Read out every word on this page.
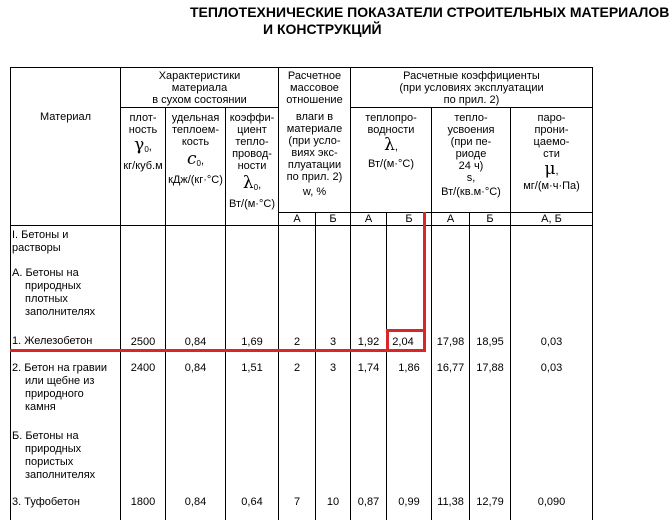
ТЕПЛОТЕХНИЧЕСКИЕ ПОКАЗАТЕЛИ СТРОИТЕЛЬНЫХ МАТЕРИАЛОВ
И КОНСТРУКЦИЙ
Материал
Характеристики
материала
в сухом состоянии
плот-
ность
$\gamma_0$,
кг/куб.м
удельная
теплоем-
кость
$c_0$,
кДж/(кг·°С)
коэффи-
циент
тепло-
провод-
ности
$\lambda_0$,
Вт/(м·°С)
Расчетное
массовое
отношение
влаги в
материале
(при усло-
виях экс-
плуатации
по прил. 2)
w, %
Расчетные коэффициенты
(при условиях эксплуатации
по прил. 2)
теплопро-
водности
λ,
Вт/(м·°С)
тепло-
усвоения
(при пе-
риоде
24 ч)
s,
Вт/(кв.м·°С)
паро-
прони-
цаемо-
сти
μ,
мг/(м·ч·Па)
А	Б	А	Б	А	Б	А, Б
I. Бетоны и
растворы
А. Бетоны на
природных
плотных
заполнителях
Б. Бетоны на
природных
пористых
заполнителях
1. Железобетон	2500	0,84	1,69	2	3	1,92	2,04	17,98	18,95	0,03
2. Бетон на гравии
или щебне из
природного
камня
2400	0,84	1,51	2	3	1,74	1,86	16,77	17,88	0,03
3. Туфобетон	1800	0,84	0,64	7	10	0,87	0,99	11,38	12,79	0,090
